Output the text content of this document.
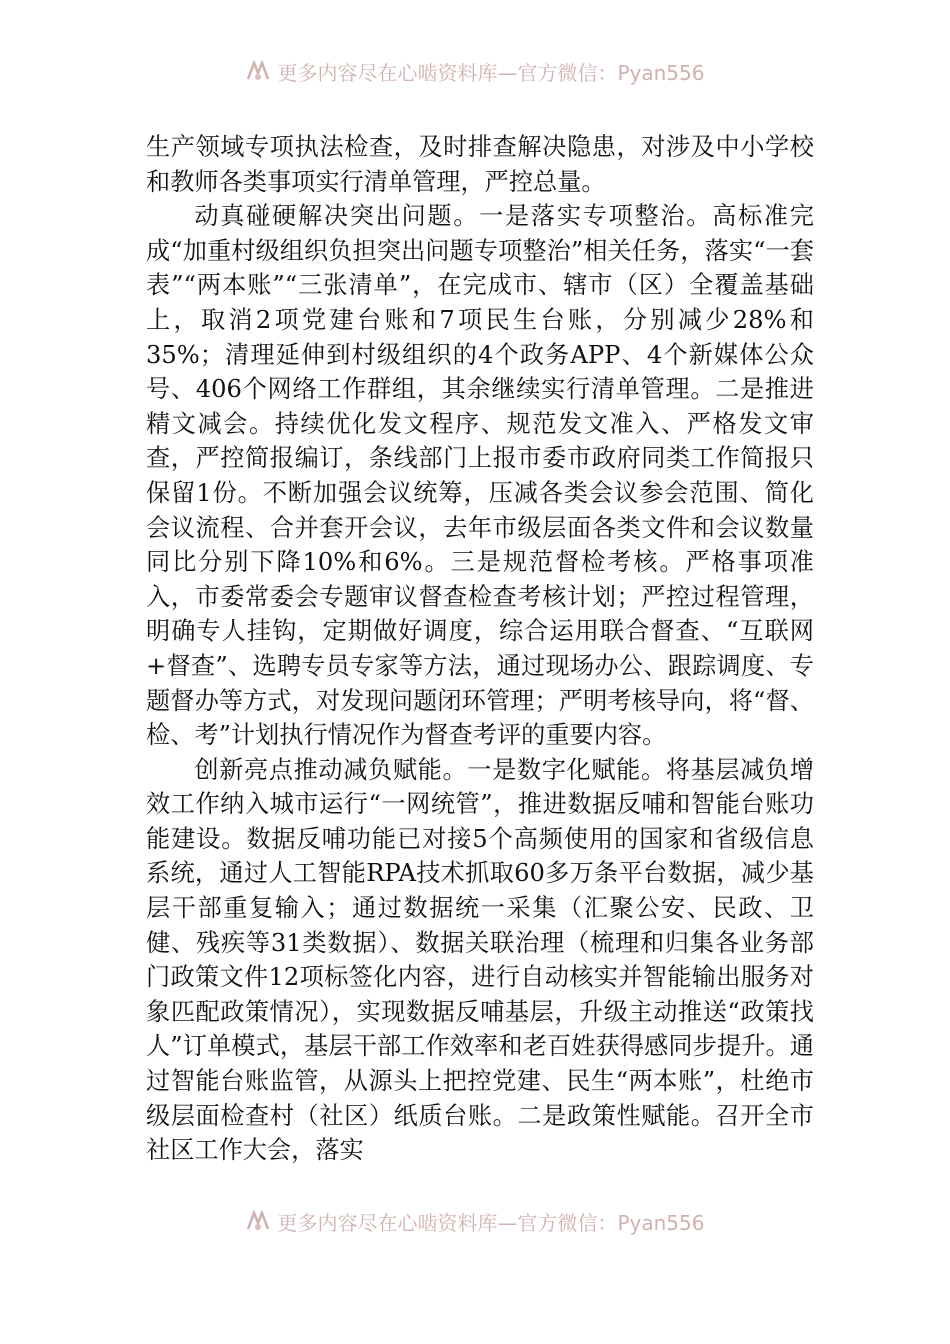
更多内容尽在心啮资料库—官方微信：Pyan556

生产领域专项执法检查，及时排查解决隐患，对涉及中小学校和教师各类事项实行清单管理，严控总量。

动真碰硬解决突出问题。一是落实专项整治。高标准完成“加重村级组织负担突出问题专项整治”相关任务，落实“一套表”“两本账”“三张清单”，在完成市、辖市（区）全覆盖基础上，取消2项党建台账和7项民生台账，分别减少28%和35%；清理延伸到村级组织的4个政务APP、4个新媒体公众号、406个网络工作群组，其余继续实行清单管理。二是推进精文减会。持续优化发文程序、规范发文准入、严格发文审查，严控简报编订，条线部门上报市委市政府同类工作简报只保留1份。不断加强会议统筹，压减各类会议参会范围、简化会议流程、合并套开会议，去年市级层面各类文件和会议数量同比分别下降10%和6%。三是规范督检考核。严格事项准入，市委常委会专题审议督查检查考核计划；严控过程管理，明确专人挂钩，定期做好调度，综合运用联合督查、“互联网+督查”、选聘专员专家等方法，通过现场办公、跟踪调度、专题督办等方式，对发现问题闭环管理；严明考核导向，将“督、检、考”计划执行情况作为督查考评的重要内容。

创新亮点推动减负赋能。一是数字化赋能。将基层减负增效工作纳入城市运行“一网统管”，推进数据反哺和智能台账功能建设。数据反哺功能已对接5个高频使用的国家和省级信息系统，通过人工智能RPA技术抓取60多万条平台数据，减少基层干部重复输入；通过数据统一采集（汇聚公安、民政、卫健、残疾等31类数据）、数据关联治理（梳理和归集各业务部门政策文件12项标签化内容，进行自动核实并智能输出服务对象匹配政策情况），实现数据反哺基层，升级主动推送“政策找人”订单模式，基层干部工作效率和老百姓获得感同步提升。通过智能台账监管，从源头上把控党建、民生“两本账”，杜绝市级层面检查村（社区）纸质台账。二是政策性赋能。召开全市社区工作大会，落实

更多内容尽在心啮资料库—官方微信：Pyan556
